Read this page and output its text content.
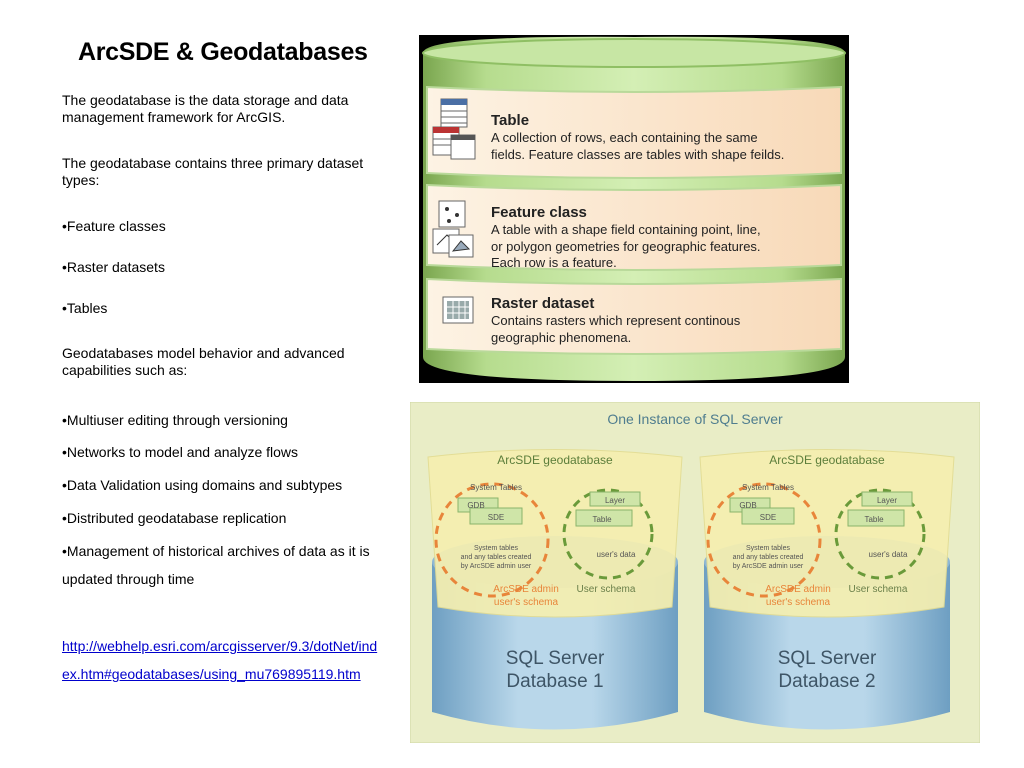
ArcSDE & Geodatabases

The geodatabase is the data storage and data management framework for ArcGIS.

The geodatabase contains three primary dataset types:

•Feature classes

•Raster datasets

•Tables

Geodatabases model behavior and advanced capabilities such as:

•Multiuser editing through versioning

•Networks to model and analyze flows

•Data Validation using domains and subtypes

•Distributed geodatabase replication

•Management of historical archives of data as it is updated through time

http://webhelp.esri.com/arcgisserver/9.3/dotNet/index.htm#geodatabases/using_mu769895119.htm
Table
A collection of rows, each containing the same
fields. Feature classes are tables with shape feilds.
Feature class
A table with a shape field containing point, line,
or polygon geometries for geographic features.
Each row is a feature.
Raster dataset
Contains rasters which represent continous
geographic phenomena.
One Instance of SQL Server
ArcSDE geodatabase
System Tables
GDB
SDE
System tables
and any tables created
by ArcSDE admin user
Layer
Table
user's data
ArcSDE admin
user's schema
User schema
SQL Server
Database 1
ArcSDE geodatabase
System Tables
GDB
SDE
System tables
and any tables created
by ArcSDE admin user
Layer
Table
user's data
ArcSDE admin
user's schema
User schema
SQL Server
Database 2
